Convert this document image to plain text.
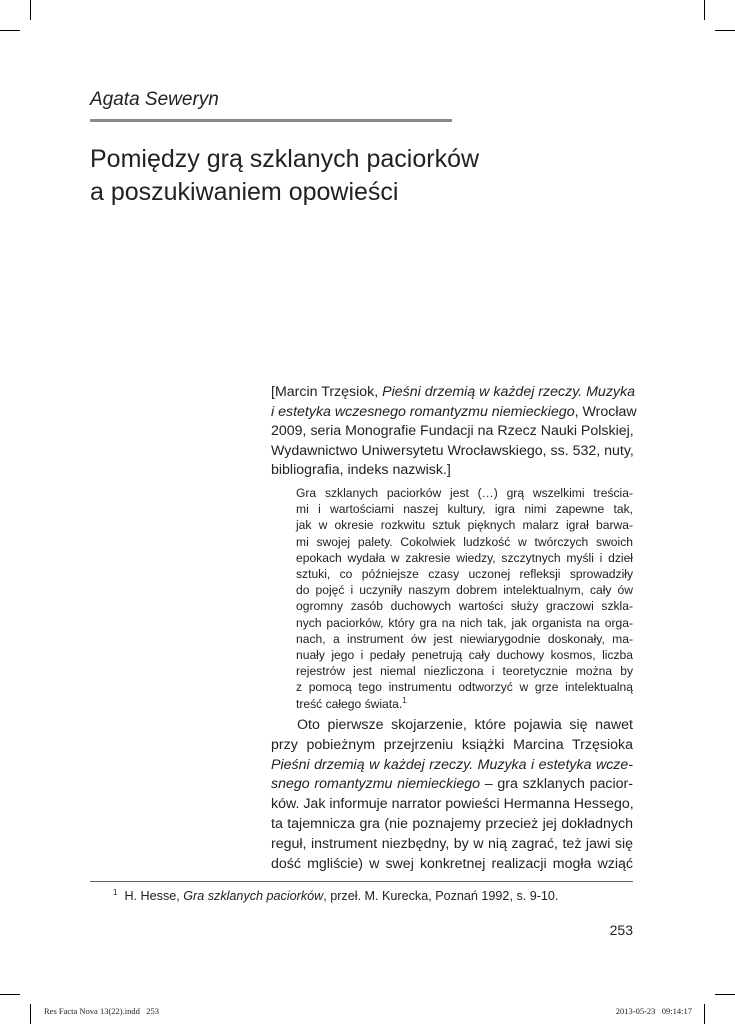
Agata Seweryn
Pomiędzy grą szklanych paciorków
a poszukiwaniem opowieści
[Marcin Trzęsiok, Pieśni drzemią w każdej rzeczy. Muzyka
i estetyka wczesnego romantyzmu niemieckiego, Wrocław
2009, seria Monografie Fundacji na Rzecz Nauki Polskiej,
Wydawnictwo Uniwersytetu Wrocławskiego, ss. 532, nuty,
bibliografia, indeks nazwisk.]
Gra szklanych paciorków jest (…) grą wszelkimi treścia-
mi i wartościami naszej kultury, igra nimi zapewne tak,
jak w okresie rozkwitu sztuk pięknych malarz igrał barwa-
mi swojej palety. Cokolwiek ludzkość w twórczych swoich
epokach wydała w zakresie wiedzy, szczytnych myśli i dzieł
sztuki, co późniejsze czasy uczonej refleksji sprowadziły
do pojęć i uczyniły naszym dobrem intelektualnym, cały ów
ogromny zasób duchowych wartości służy graczowi szkla-
nych paciorków, który gra na nich tak, jak organista na orga-
nach, a instrument ów jest niewiarygodnie doskonały, ma-
nuały jego i pedały penetrują cały duchowy kosmos, liczba
rejestrów jest niemal niezliczona i teoretycznie można by
z pomocą tego instrumentu odtworzyć w grze intelektualną
treść całego świata.$^1$
Oto pierwsze skojarzenie, które pojawia się nawet
przy pobieżnym przejrzeniu książki Marcina Trzęsioka
Pieśni drzemią w każdej rzeczy. Muzyka i estetyka wcze-
snego romantyzmu niemieckiego – gra szklanych pacior-
ków. Jak informuje narrator powieści Hermanna Hessego,
ta tajemnicza gra (nie poznajemy przecież jej dokładnych
reguł, instrument niezbędny, by w nią zagrać, też jawi się
dość mgliście) w swej konkretnej realizacji mogła wziąć
$^1$ H. Hesse, Gra szklanych paciorków, przeł. M. Kurecka, Poznań 1992, s. 9-10.
253
Res Facta Nova 13(22).indd   253	2013-05-23   09:14:17
